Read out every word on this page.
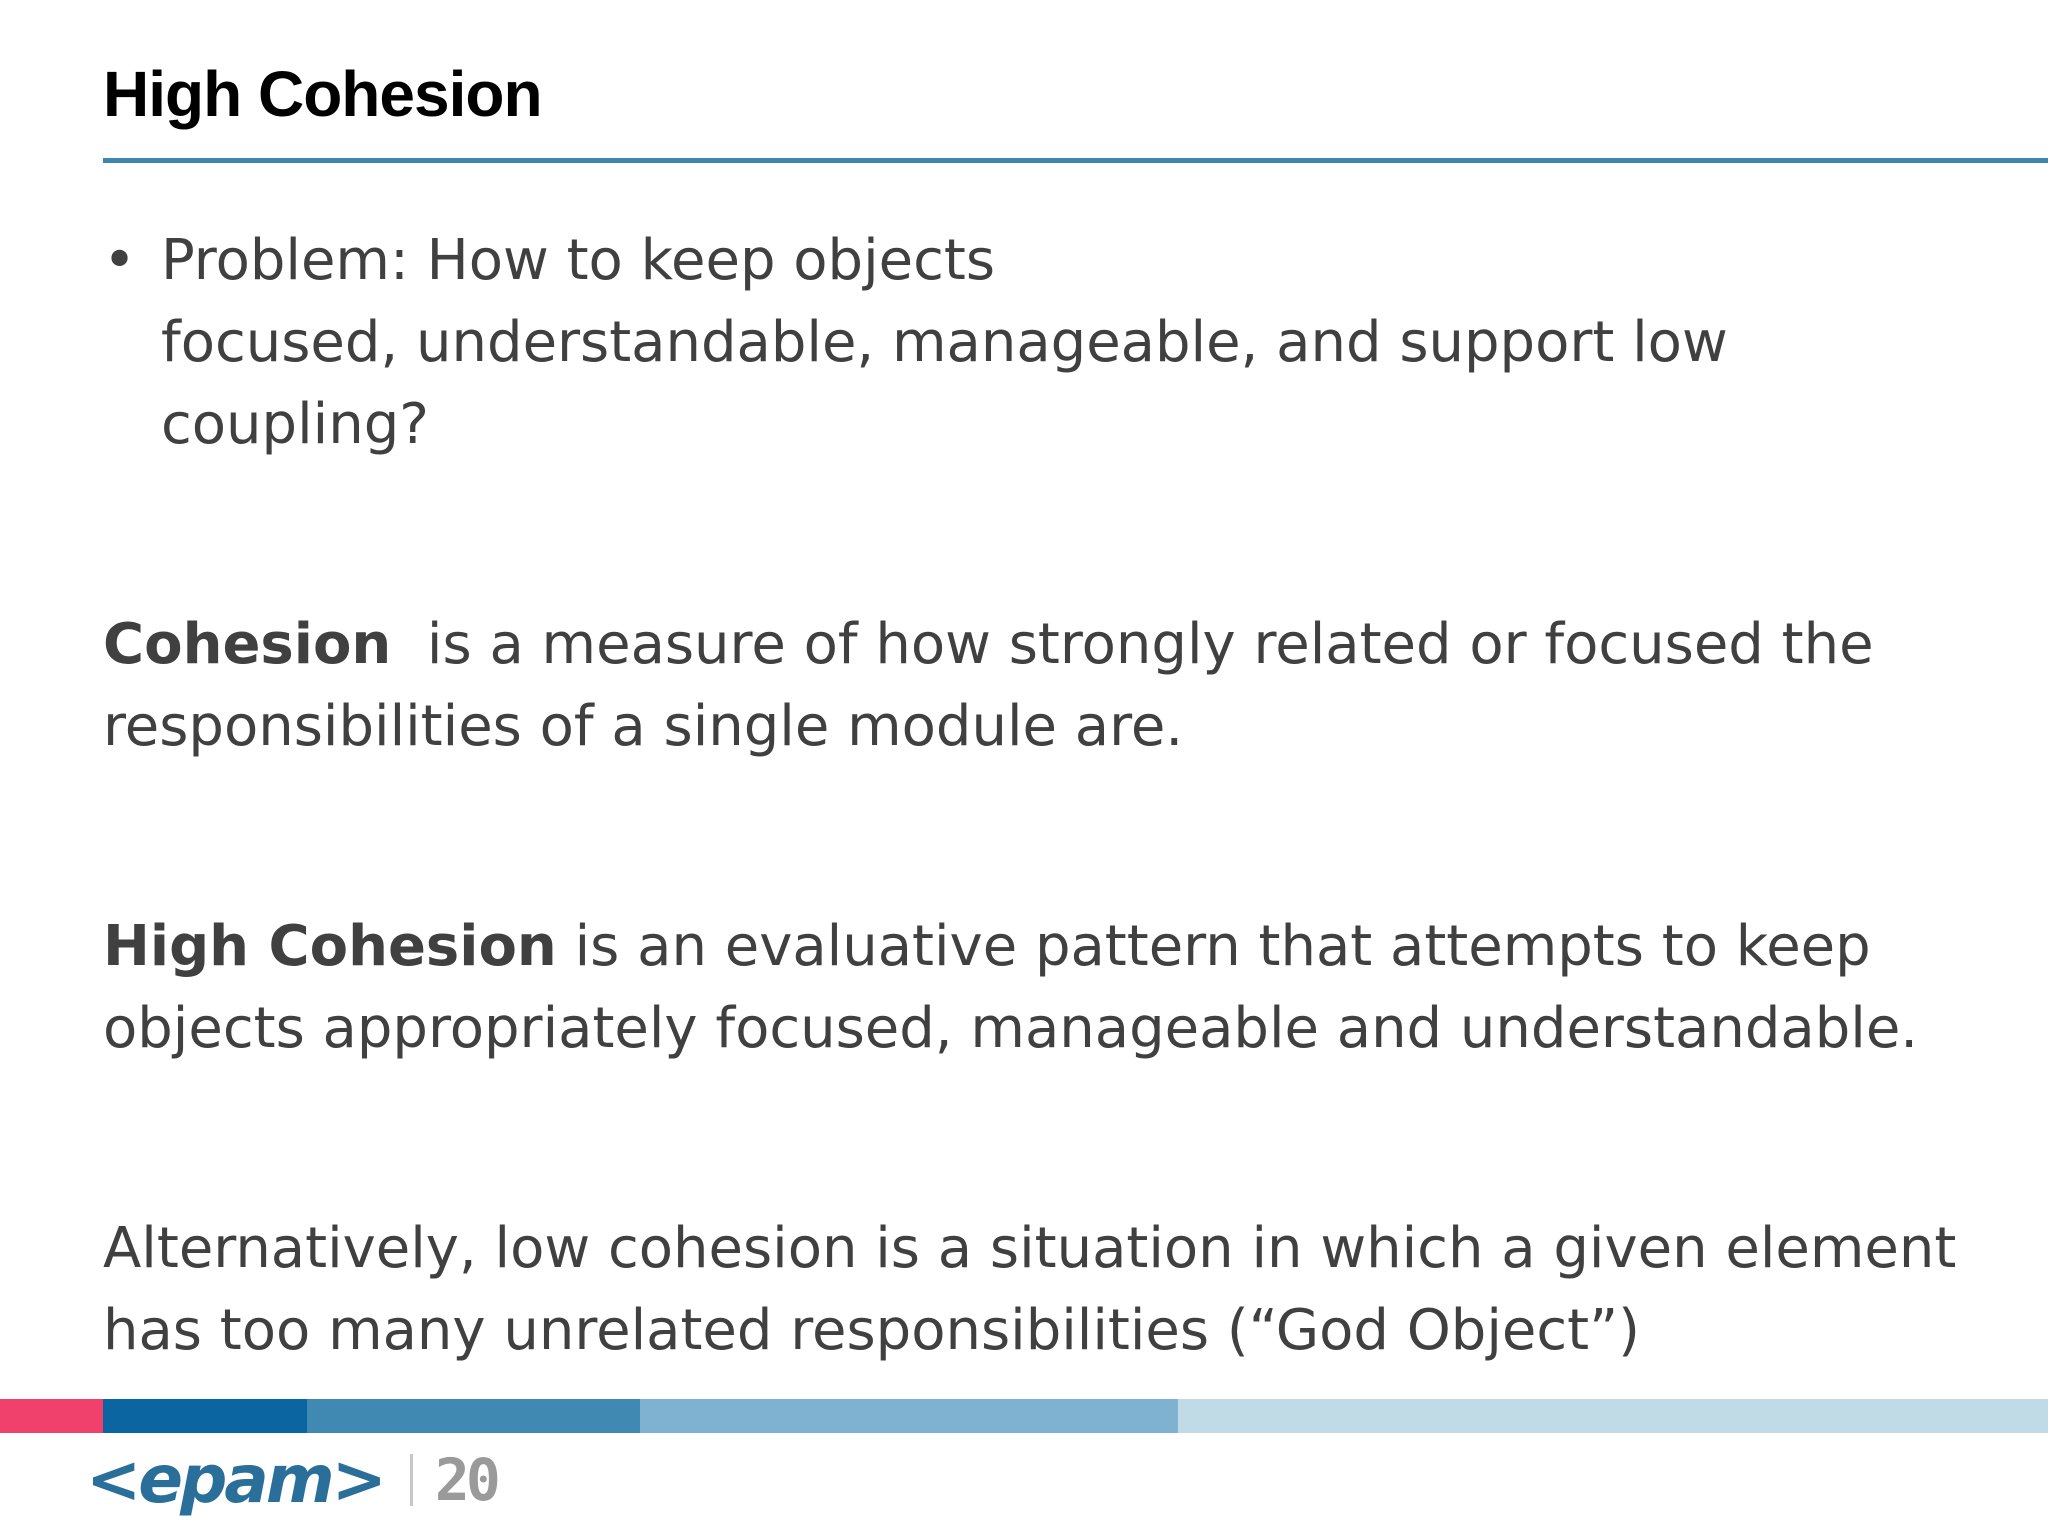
High Cohesion
• Problem: How to keep objects
focused, understandable, manageable, and support low
coupling?

Cohesion is a measure of how strongly related or focused the responsibilities of a single module are.

High Cohesion is an evaluative pattern that attempts to keep objects appropriately focused, manageable and understandable.

Alternatively, low cohesion is a situation in which a given element has too many unrelated responsibilities (“God Object”)

<epam> 20
